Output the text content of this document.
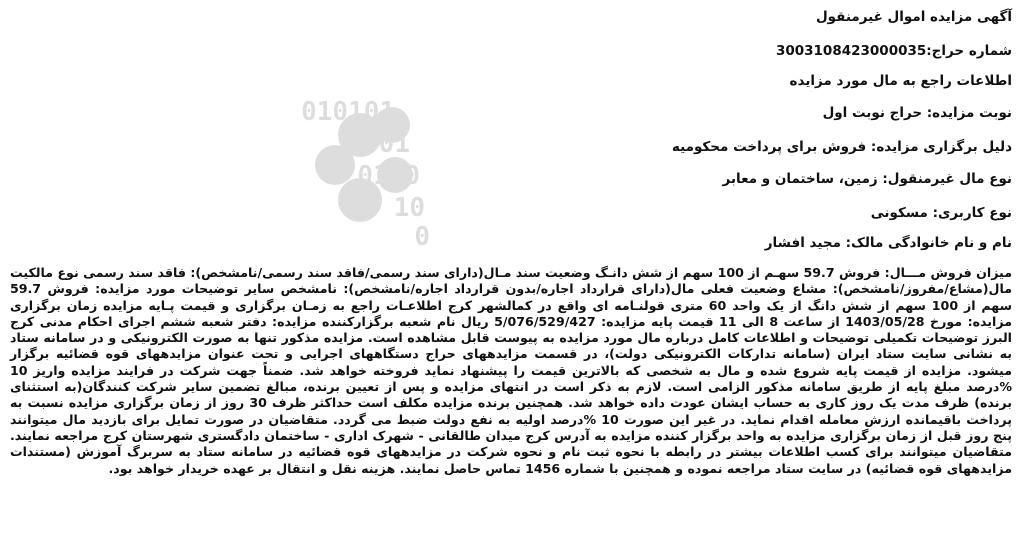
010101
0001
0110
10
0
آگهی مزایده اموال غیرمنقول
شماره حراج:3003108423000035
اطلاعات راجع به مال مورد مزایده
نوبت مزایده: حراج نوبت اول
دلیل برگزاری مزایده: فروش برای پرداخت محکومیه
نوع مال غیرمنقول: زمین، ساختمان و معابر
نوع کاربری: مسکونی
نام و نام خانوادگی مالک: مجید افشار
میزان فروش مـــال: فروش 59.7 سهـم از 100 سهم از شش دانـگ وضعیت سند مـال(دارای سند رسمی/فاقد سند رسمی/نامشخص): فاقد سند رسمی نوع مالکیت مال(مشاع/مفروز/نامشخص): مشاع وضعیت فعلی مال(دارای قرارداد اجاره/بدون قرارداد اجاره/نامشخص): نامشخص سایر توضیحات مورد مزایده: فروش 59.7 سهم از 100 سهم از شش دانگ از یک واحد 60 متری قولنـامه ای واقع در کمالشهر کرج اطلاعـات راجع به زمـان برگزاری و قیمت پـایه مزایده زمان برگزاری مزایده: مورخ 1403/05/28 از ساعت 8 الی 11 قیمت پایه مزایده: 5/076/529/427 ریال نام شعبه برگزارکننده مزایده: دفتر شعبه ششم اجرای احکام مدنی کرج البرز توضیحات تکمیلی توضیحات و اطلاعات کامل درباره مال مورد مزایده به پیوست قابل مشاهده است. مزایده مذکور تنها به صورت الکترونیکی و در سامانه ستاد به نشانی سایت ستاد ایران (سامانه تدارکات الکترونیکی دولت)، در قسمت مزایدههای حراج دستگاههای اجرایی و تحت عنوان مزایدههای قوه قضائیه برگزار میشود. مزایده از قیمت پایه شروع شده و مال به شخصی که بالاترین قیمت را پیشنهاد نماید فروخته خواهد شد. ضمناً جهت شرکت در فرایند مزایده واریز 10 %درصد مبلغ پایه از طریق سامانه مذکور الزامی است. لازم به ذکر است در انتهای مزایده و پس از تعیین برنده، مبالغ تضمین سایر شرکت کنندگان(به استثنای برنده) ظرف مدت یک روز کاری به حساب ایشان عودت داده خواهد شد. همچنین برنده مزایده مکلف است حداکثر ظرف 30 روز از زمان برگزاری مزایده نسبت به پرداخت باقیمانده ارزش معامله اقدام نماید. در غیر این صورت 10 %درصد اولیه به نفع دولت ضبط می گردد. متقاضیان در صورت تمایل برای بازدید مال میتوانند پنج روز قبل از زمان برگزاری مزایده به واحد برگزار کننده مزایده به آدرس کرج میدان طالقانی - شهرک اداری - ساختمان دادگستری شهرستان کرج مراجعه نمایند. متقاضیان میتوانند برای کسب اطلاعات بیشتر در رابطه با نحوه ثبت نام و نحوه شرکت در مزایدههای قوه قضائیه در سامانه ستاد به سربرگ آموزش (مستندات مزایدههای قوه قضائیه) در سایت ستاد مراجعه نموده و همچنین با شماره 1456 تماس حاصل نمایند. هزینه نقل و انتقال بر عهده خریدار خواهد بود.
